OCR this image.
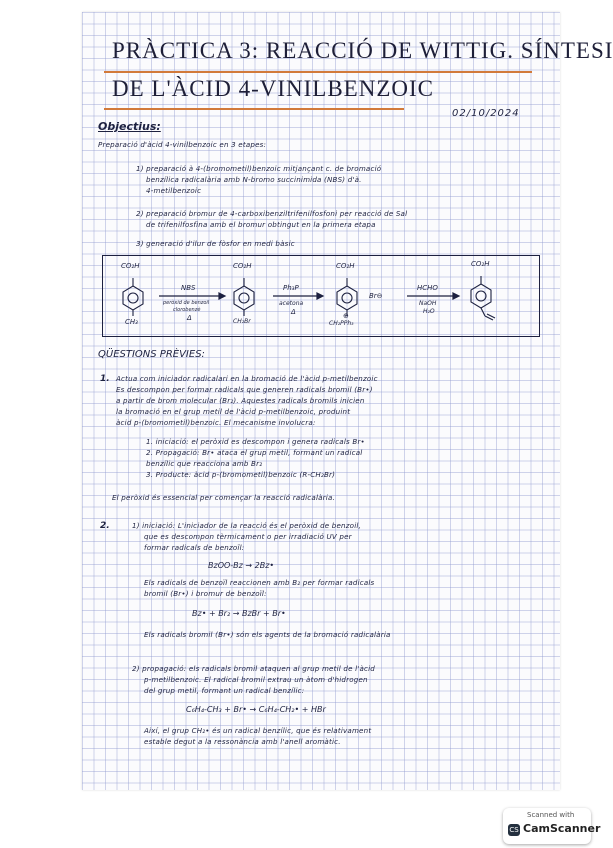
PRÀCTICA 3: REACCIÓ DE WITTIG. SÍNTESI
DE L'ÀCID 4-VINILBENZOIC
02/10/2024
Objectius:
Preparació d'àcid 4-vinilbenzoic en 3 etapes:
1) preparació à 4-(bromometil)benzoic mitjançant c. de bromació
benzílica radicalària amb N-bromo succinimida (NBS) d'à.
4-metilbenzoic
2) preparació bromur de 4-carboxibenziltrifenilfosfoni per reacció de Sal
de trifenilfosfina amb el bromur obtingut en la primera etapa
3) generació d'ilur de fòsfor en medi bàsic
CO₂H
CH₃
NBS
peròxid de benzoil
clorobenzè
Δ
CO₂H
CH₂Br
Ph₃P
acetona
Δ
CO₂H
Br⊖
⊕
CH₂PPh₃
HCHO
NaOH
H₂O
CO₂H
QÜESTIONS PRÈVIES:
1. Actua com iniciador radicalari en la bromació de l'àcid p-metilbenzoic
Es descompon per formar radicals que generen radicals bromil (Br•)
a partir de brom molecular (Br₂). Aquestes radicals bromils inicien
la bromació en el grup metil de l'àcid p-metilbenzoic, produint
àcid p-(bromometil)benzoic. El mecanisme involucra:
1. iniciació: el peròxid es descompon i genera radicals Br•
2. Propagació: Br• ataca el grup metil, formant un radical
benzílic que reacciona amb Br₂
3. Producte: àcid p-(bromometil)benzoic (R-CH₂Br)
El peròxid és essencial per començar la reacció radicalària.
2.	1) iniciació: L'iniciador de la reacció és el peròxid de benzoil,
que es descompon tèrmicament o per irradiació UV per
formar radicals de benzoïl:
BzOO-Bz → 2Bz•
Els radicals de benzoïl reaccionen amb B₂ per formar radicals
bromil (Br•) i bromur de benzoïl:
Bz• + Br₂ → BzBr + Br•
Els radicals bromil (Br•) són els agents de la bromació radicalària
2) propagació: els radicals bromil ataquen al grup metil de l'àcid
p-metilbenzoic. El radical bromil extrau un àtom d'hidrogen
del grup metil, formant un radical benzílic:
C₆H₄-CH₃ + Br• → C₆H₄-CH₂• + HBr
Així, el grup CH₂• és un radical benzílic, que és relativament
estable degut a la ressonància amb l'anell aromàtic.
Scanned with
CS CamScanner
